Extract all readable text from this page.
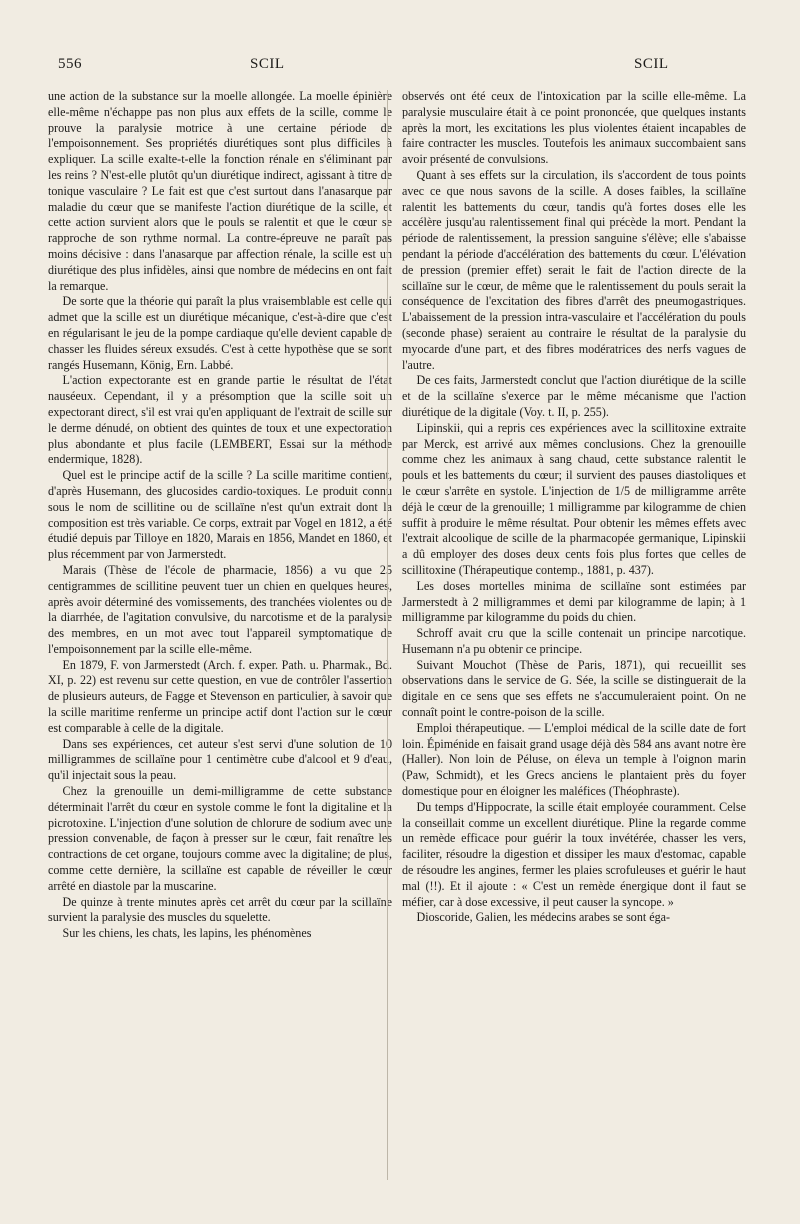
556	SCIL	SCIL

une action de la substance sur la moelle allongée. La moelle épinière elle-même n'échappe pas non plus aux effets de la scille, comme le prouve la paralysie motrice à une certaine période de l'empoisonnement. Ses propriétés diurétiques sont plus difficiles à expliquer. La scille exalte-t-elle la fonction rénale en s'éliminant par les reins ? N'est-elle plutôt qu'un diurétique indirect, agissant à titre de tonique vasculaire ? Le fait est que c'est surtout dans l'anasarque par maladie du cœur que se manifeste l'action diurétique de la scille, et cette action survient alors que le pouls se ralentit et que le cœur se rapproche de son rythme normal. La contre-épreuve ne paraît pas moins décisive : dans l'anasarque par affection rénale, la scille est un diurétique des plus infidèles, ainsi que nombre de médecins en ont fait la remarque.

De sorte que la théorie qui paraît la plus vraisemblable est celle qui admet que la scille est un diurétique mécanique, c'est-à-dire que c'est en régularisant le jeu de la pompe cardiaque qu'elle devient capable de chasser les fluides séreux exsudés. C'est à cette hypothèse que se sont rangés Husemann, König, Ern. Labbé.

L'action expectorante est en grande partie le résultat de l'état nauséeux. Cependant, il y a présomption que la scille soit un expectorant direct, s'il est vrai qu'en appliquant de l'extrait de scille sur le derme dénudé, on obtient des quintes de toux et une expectoration plus abondante et plus facile (LEMBERT, Essai sur la méthode endermique, 1828).

Quel est le principe actif de la scille ? La scille maritime contient, d'après Husemann, des glucosides cardio-toxiques. Le produit connu sous le nom de scillitine ou de scillaïne n'est qu'un extrait dont la composition est très variable. Ce corps, extrait par Vogel en 1812, a été étudié depuis par Tilloye en 1820, Marais en 1856, Mandet en 1860, et plus récemment par von Jarmerstedt.

Marais (Thèse de l'école de pharmacie, 1856) a vu que 25 centigrammes de scillitine peuvent tuer un chien en quelques heures, après avoir déterminé des vomissements, des tranchées violentes ou de la diarrhée, de l'agitation convulsive, du narcotisme et de la paralysie des membres, en un mot avec tout l'appareil symptomatique de l'empoisonnement par la scille elle-même.

En 1879, F. von Jarmerstedt (Arch. f. exper. Path. u. Pharmak., Bd. XI, p. 22) est revenu sur cette question, en vue de contrôler l'assertion de plusieurs auteurs, de Fagge et Stevenson en particulier, à savoir que la scille maritime renferme un principe actif dont l'action sur le cœur est comparable à celle de la digitale.

Dans ses expériences, cet auteur s'est servi d'une solution de 10 milligrammes de scillaïne pour 1 centimètre cube d'alcool et 9 d'eau, qu'il injectait sous la peau.

Chez la grenouille un demi-milligramme de cette substance déterminait l'arrêt du cœur en systole comme le font la digitaline et la picrotoxine. L'injection d'une solution de chlorure de sodium avec une pression convenable, de façon à presser sur le cœur, fait renaître les contractions de cet organe, toujours comme avec la digitaline; de plus, comme cette dernière, la scillaïne est capable de réveiller le cœur arrêté en diastole par la muscarine.

De quinze à trente minutes après cet arrêt du cœur par la scillaïne survient la paralysie des muscles du squelette.

Sur les chiens, les chats, les lapins, les phénomènes

observés ont été ceux de l'intoxication par la scille elle-même. La paralysie musculaire était à ce point prononcée, que quelques instants après la mort, les excitations les plus violentes étaient incapables de faire contracter les muscles. Toutefois les animaux succombaient sans avoir présenté de convulsions.

Quant à ses effets sur la circulation, ils s'accordent de tous points avec ce que nous savons de la scille. A doses faibles, la scillaïne ralentit les battements du cœur, tandis qu'à fortes doses elle les accélère jusqu'au ralentissement final qui précède la mort. Pendant la période de ralentissement, la pression sanguine s'élève; elle s'abaisse pendant la période d'accélération des battements du cœur. L'élévation de pression (premier effet) serait le fait de l'action directe de la scillaïne sur le cœur, de même que le ralentissement du pouls serait la conséquence de l'excitation des fibres d'arrêt des pneumogastriques. L'abaissement de la pression intra-vasculaire et l'accélération du pouls (seconde phase) seraient au contraire le résultat de la paralysie du myocarde d'une part, et des fibres modératrices des nerfs vagues de l'autre.

De ces faits, Jarmerstedt conclut que l'action diurétique de la scille et de la scillaïne s'exerce par le même mécanisme que l'action diurétique de la digitale (Voy. t. II, p. 255).

Lipinskii, qui a repris ces expériences avec la scillitoxine extraite par Merck, est arrivé aux mêmes conclusions. Chez la grenouille comme chez les animaux à sang chaud, cette substance ralentit le pouls et les battements du cœur; il survient des pauses diastoliques et le cœur s'arrête en systole. L'injection de 1/5 de milligramme arrête déjà le cœur de la grenouille; 1 milligramme par kilogramme de chien suffit à produire le même résultat. Pour obtenir les mêmes effets avec l'extrait alcoolique de scille de la pharmacopée germanique, Lipinskii a dû employer des doses deux cents fois plus fortes que celles de scillitoxine (Thérapeutique contemp., 1881, p. 437).

Les doses mortelles minima de scillaïne sont estimées par Jarmerstedt à 2 milligrammes et demi par kilogramme de lapin; à 1 milligramme par kilogramme du poids du chien.

Schroff avait cru que la scille contenait un principe narcotique. Husemann n'a pu obtenir ce principe.

Suivant Mouchot (Thèse de Paris, 1871), qui recueillit ses observations dans le service de G. Sée, la scille se distinguerait de la digitale en ce sens que ses effets ne s'accumuleraient point. On ne connaît point le contre-poison de la scille.

Emploi thérapeutique. — L'emploi médical de la scille date de fort loin. Épiménide en faisait grand usage déjà dès 584 ans avant notre ère (Haller). Non loin de Péluse, on éleva un temple à l'oignon marin (Paw, Schmidt), et les Grecs anciens le plantaient près du foyer domestique pour en éloigner les maléfices (Théophraste).

Du temps d'Hippocrate, la scille était employée couramment. Celse la conseillait comme un excellent diurétique. Pline la regarde comme un remède efficace pour guérir la toux invétérée, chasser les vers, faciliter, résoudre la digestion et dissiper les maux d'estomac, capable de résoudre les angines, fermer les plaies scrofuleuses et guérir le haut mal (!!). Et il ajoute : « C'est un remède énergique dont il faut se méfier, car à dose excessive, il peut causer la syncope. »

Dioscoride, Galien, les médecins arabes se sont éga-
